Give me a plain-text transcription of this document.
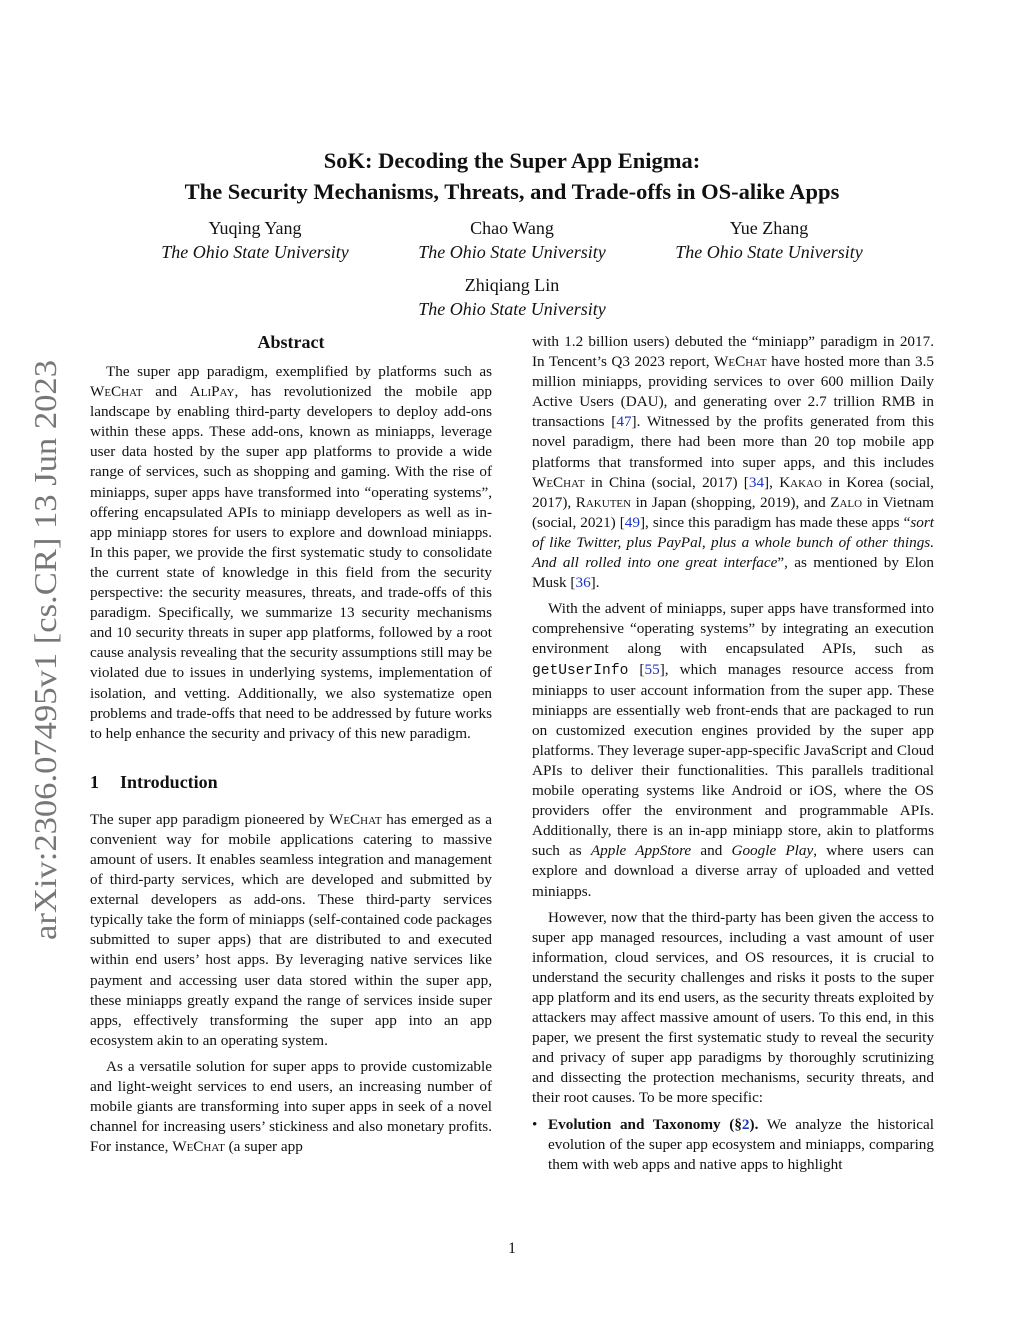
arXiv:2306.07495v1 [cs.CR] 13 Jun 2023
SoK: Decoding the Super App Enigma:
The Security Mechanisms, Threats, and Trade-offs in OS-alike Apps
Yuqing Yang
The Ohio State University
Chao Wang
The Ohio State University
Yue Zhang
The Ohio State University
Zhiqiang Lin
The Ohio State University
Abstract

The super app paradigm, exemplified by platforms such as WeChat and AliPay, has revolutionized the mobile app landscape by enabling third-party developers to deploy add-ons within these apps. These add-ons, known as miniapps, leverage user data hosted by the super app platforms to provide a wide range of services, such as shopping and gaming. With the rise of miniapps, super apps have transformed into “operating systems”, offering encapsulated APIs to miniapp developers as well as in-app miniapp stores for users to explore and download miniapps. In this paper, we provide the first systematic study to consolidate the current state of knowledge in this field from the security perspective: the security measures, threats, and trade-offs of this paradigm. Specifically, we summarize 13 security mechanisms and 10 security threats in super app platforms, followed by a root cause analysis revealing that the security assumptions still may be violated due to issues in underlying systems, implementation of isolation, and vetting. Additionally, we also systematize open problems and trade-offs that need to be addressed by future works to help enhance the security and privacy of this new paradigm.

1 Introduction

The super app paradigm pioneered by WeChat has emerged as a convenient way for mobile applications catering to massive amount of users. It enables seamless integration and management of third-party services, which are developed and submitted by external developers as add-ons. These third-party services typically take the form of miniapps (self-contained code packages submitted to super apps) that are distributed to and executed within end users’ host apps. By leveraging native services like payment and accessing user data stored within the super app, these miniapps greatly expand the range of services inside super apps, effectively transforming the super app into an app ecosystem akin to an operating system.

As a versatile solution for super apps to provide customizable and light-weight services to end users, an increasing number of mobile giants are transforming into super apps in seek of a novel channel for increasing users’ stickiness and also monetary profits. For instance, WeChat (a super app

with 1.2 billion users) debuted the “miniapp” paradigm in 2017. In Tencent’s Q3 2023 report, WeChat have hosted more than 3.5 million miniapps, providing services to over 600 million Daily Active Users (DAU), and generating over 2.7 trillion RMB in transactions [47]. Witnessed by the profits generated from this novel paradigm, there had been more than 20 top mobile app platforms that transformed into super apps, and this includes WeChat in China (social, 2017) [34], Kakao in Korea (social, 2017), Rakuten in Japan (shopping, 2019), and Zalo in Vietnam (social, 2021) [49], since this paradigm has made these apps “sort of like Twitter, plus PayPal, plus a whole bunch of other things. And all rolled into one great interface”, as mentioned by Elon Musk [36].

With the advent of miniapps, super apps have transformed into comprehensive “operating systems” by integrating an execution environment along with encapsulated APIs, such as getUserInfo [55], which manages resource access from miniapps to user account information from the super app. These miniapps are essentially web front-ends that are packaged to run on customized execution engines provided by the super app platforms. They leverage super-app-specific JavaScript and Cloud APIs to deliver their functionalities. This parallels traditional mobile operating systems like Android or iOS, where the OS providers offer the environment and programmable APIs. Additionally, there is an in-app miniapp store, akin to platforms such as Apple AppStore and Google Play, where users can explore and download a diverse array of uploaded and vetted miniapps.

However, now that the third-party has been given the access to super app managed resources, including a vast amount of user information, cloud services, and OS resources, it is crucial to understand the security challenges and risks it posts to the super app platform and its end users, as the security threats exploited by attackers may affect massive amount of users. To this end, in this paper, we present the first systematic study to reveal the security and privacy of super app paradigms by thoroughly scrutinizing and dissecting the protection mechanisms, security threats, and their root causes. To be more specific:

• Evolution and Taxonomy (§2). We analyze the historical evolution of the super app ecosystem and miniapps, comparing them with web apps and native apps to highlight

1
